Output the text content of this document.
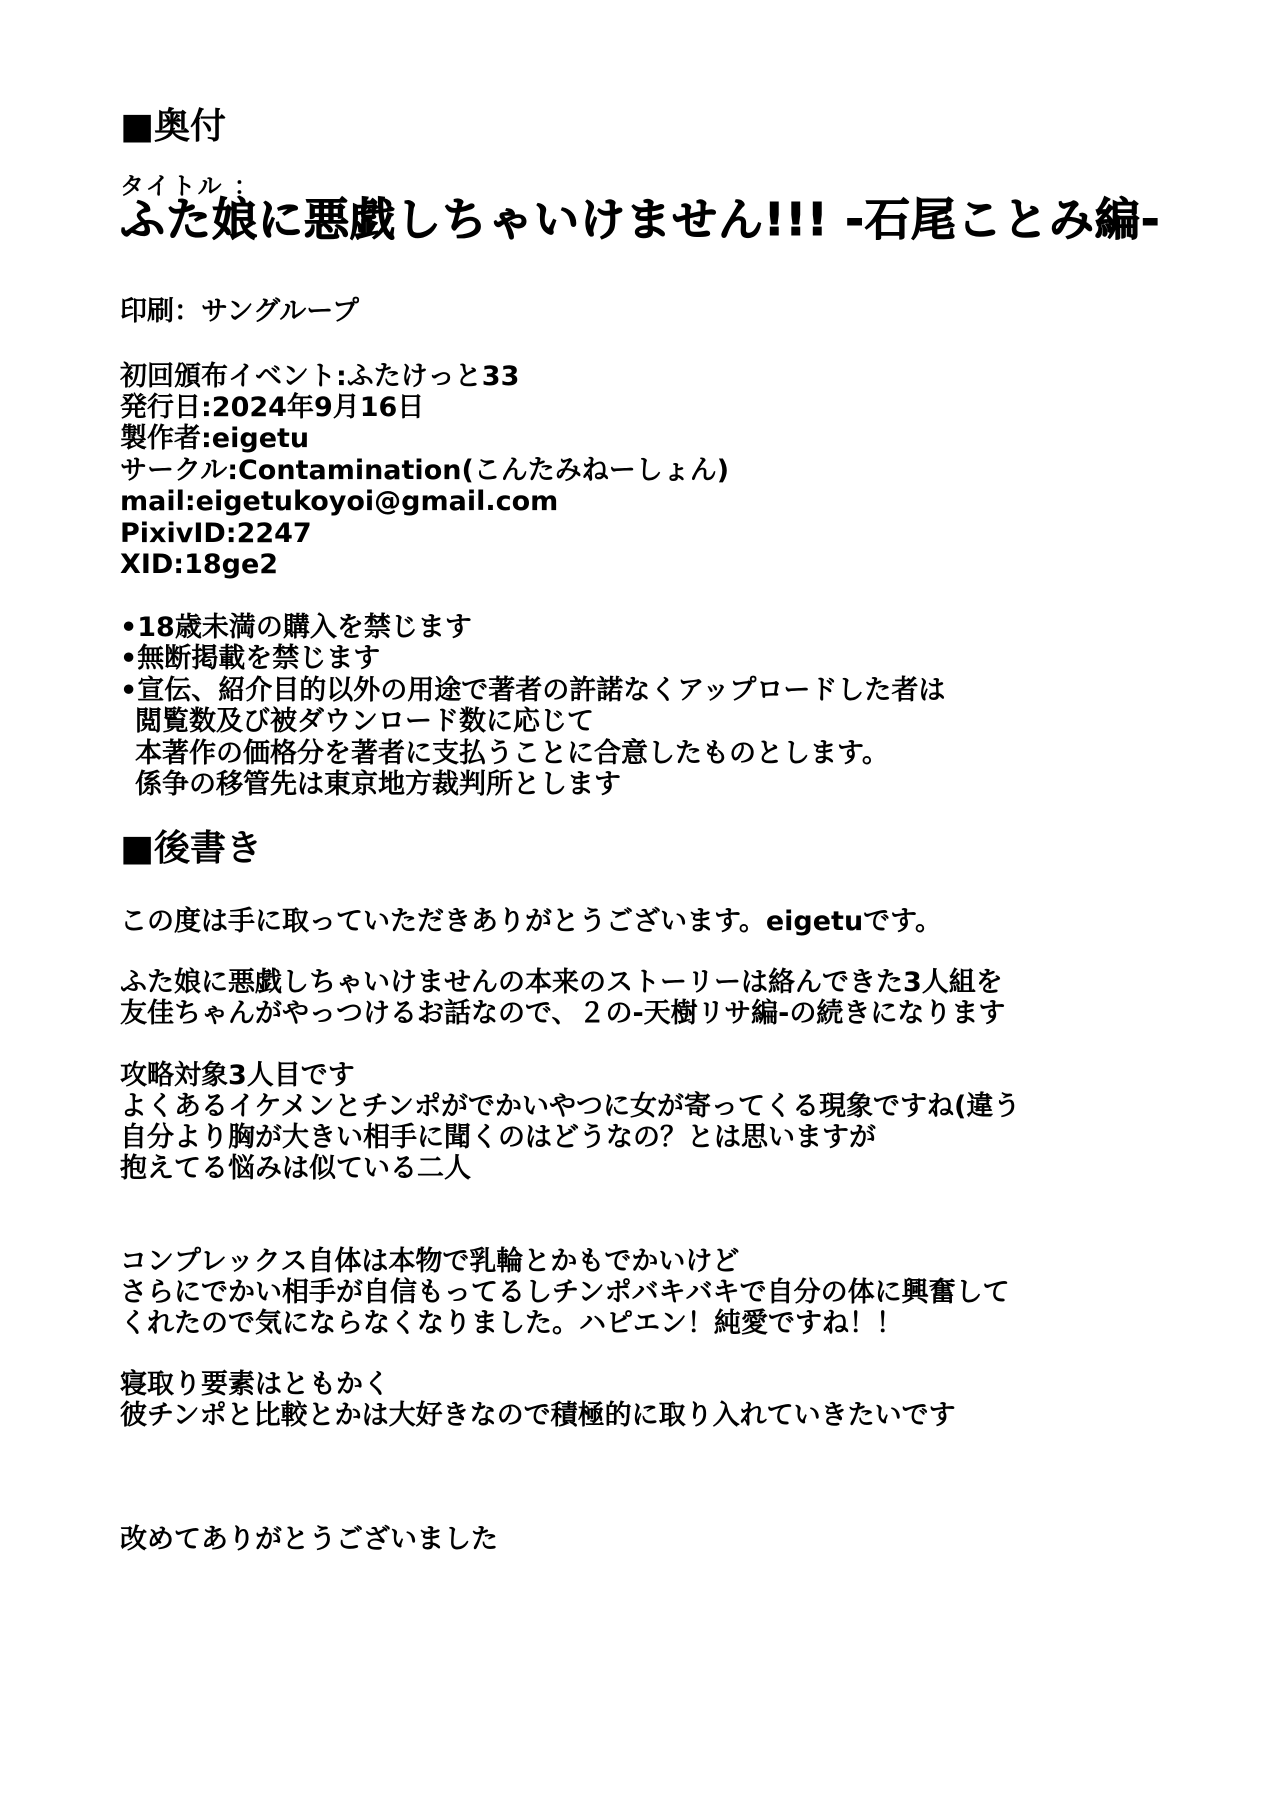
■奥付
タイトル ：
ふた娘に悪戯しちゃいけません!!! -石尾ことみ編-
印刷：サングループ
初回頒布イベント:ふたけっと33
発行日:2024年9月16日
製作者:eigetu
サークル:Contamination(こんたみねーしょん)
mail:eigetukoyoi@gmail.com
PixivID:2247
XID:18ge2
•18歳未満の購入を禁じます
•無断掲載を禁じます
•宣伝、紹介目的以外の用途で著者の許諾なくアップロードした者は
閲覧数及び被ダウンロード数に応じて
本著作の価格分を著者に支払うことに合意したものとします。
係争の移管先は東京地方裁判所とします
■後書き
この度は手に取っていただきありがとうございます。eigetuです。
ふた娘に悪戯しちゃいけませんの本来のストーリーは絡んできた3人組を
友佳ちゃんがやっつけるお話なので、２の-天樹リサ編-の続きになります
攻略対象3人目です
よくあるイケメンとチンポがでかいやつに女が寄ってくる現象ですね(違う
自分より胸が大きい相手に聞くのはどうなの？とは思いますが
抱えてる悩みは似ている二人
コンプレックス自体は本物で乳輪とかもでかいけど
さらにでかい相手が自信もってるしチンポバキバキで自分の体に興奮して
くれたので気にならなくなりました。ハピエン！純愛ですね！！
寝取り要素はともかく
彼チンポと比較とかは大好きなので積極的に取り入れていきたいです
改めてありがとうございました
